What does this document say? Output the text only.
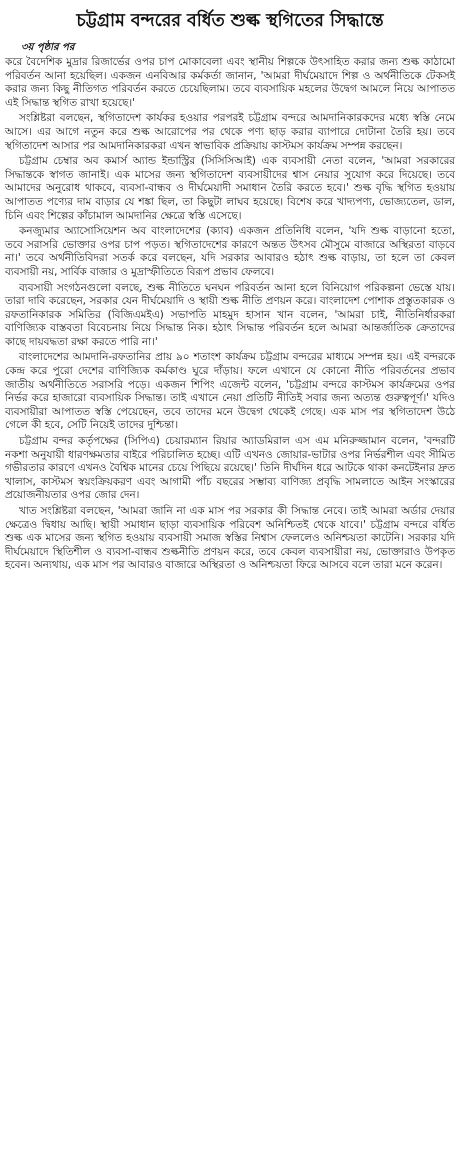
চট্টগ্রাম বন্দরের বর্ধিত শুল্ক স্থগিতের সিদ্ধান্তে

৩য় পৃষ্ঠার পর

করে বৈদেশিক মুদ্রার রিজার্ভের ওপর চাপ মোকাবেলা এবং স্থানীয় শিল্পকে উৎসাহিত করার জন্য শুল্ক কাঠামো পরিবর্তন আনা হয়েছিল। একজন এনবিআর কর্মকর্তা জানান, 'আমরা দীর্ঘমেয়াদে শিল্প ও অর্থনীতিকে টেকসই করার জন্য কিছু নীতিগত পরিবর্তন করতে চেয়েছিলাম। তবে ব্যবসায়িক মহলের উদ্বেগ আমলে নিয়ে আপাতত এই সিদ্ধান্ত স্থগিত রাখা হয়েছে।'

সংশ্লিষ্টরা বলছেন, স্থগিতাদেশ কার্যকর হওয়ার পরপরই চট্টগ্রাম বন্দরে আমদানিকারকদের মধ্যে স্বস্তি নেমে আসে। এর আগে নতুন করে শুল্ক আরোপের পর থেকে পণ্য ছাড় করার ব্যাপারে দোটানা তৈরি হয়। তবে স্থগিতাদেশ আসার পর আমদানিকারকরা এখন স্বাভাবিক প্রক্রিয়ায় কাস্টমস কার্যক্রম সম্পন্ন করছেন।

চট্টগ্রাম চেম্বার অব কমার্স অ্যান্ড ইন্ডাস্ট্রির (সিসিসিআই) এক ব্যবসায়ী নেতা বলেন, 'আমরা সরকারের সিদ্ধান্তকে স্বাগত জানাই। এক মাসের জন্য স্থগিতাদেশ ব্যবসায়ীদের শ্বাস নেয়ার সুযোগ করে দিয়েছে। তবে আমাদের অনুরোধ থাকবে, ব্যবসা-বান্ধব ও দীর্ঘমেয়াদী সমাধান তৈরি করতে হবে।' শুল্ক বৃদ্ধি স্থগিত হওয়ায় আপাতত পণ্যের দাম বাড়ার যে শঙ্কা ছিল, তা কিছুটা লাঘব হয়েছে। বিশেষ করে খাদ্যপণ্য, ভোজ্যতেল, ডাল, চিনি এবং শিল্পের কাঁচামাল আমদানির ক্ষেত্রে স্বস্তি এসেছে।

কনজ্যুমার অ্যাসোসিয়েশন অব বাংলাদেশের (ক্যাব) একজন প্রতিনিধি বলেন, 'যদি শুল্ক বাড়ানো হতো, তবে সরাসরি ভোক্তার ওপর চাপ পড়ত। স্থগিতাদেশের কারণে অন্তত উৎসব মৌসুমে বাজারে অস্থিরতা বাড়বে না।' তবে অর্থনীতিবিদরা সতর্ক করে বলছেন, যদি সরকার আবারও হঠাৎ শুল্ক বাড়ায়, তা হলে তা কেবল ব্যবসায়ী নয়, সার্বিক বাজার ও মুদ্রাস্ফীতিতে বিরূপ প্রভাব ফেলবে।

ব্যবসায়ী সংগঠনগুলো বলছে, শুল্ক নীতিতে ঘনঘন পরিবর্তন আনা হলে বিনিয়োগ পরিকল্পনা ভেস্তে যায়। তারা দাবি করেছেন, সরকার যেন দীর্ঘমেয়াদি ও স্থায়ী শুল্ক নীতি প্রণয়ন করে। বাংলাদেশ পোশাক প্রস্তুতকারক ও রফতানিকারক সমিতির (বিজিএমইএ) সভাপতি মাহমুদ হাসান খান বলেন, 'আমরা চাই, নীতিনির্ধারকরা বাণিজ্যিক বাস্তবতা বিবেচনায় নিয়ে সিদ্ধান্ত নিক। হঠাৎ সিদ্ধান্ত পরিবর্তন হলে আমরা আন্তর্জাতিক ক্রেতাদের কাছে দায়বদ্ধতা রক্ষা করতে পারি না।'

বাংলাদেশের আমদানি-রফতানির প্রায় ৯০ শতাংশ কার্যক্রম চট্টগ্রাম বন্দরের মাধ্যমে সম্পন্ন হয়। এই বন্দরকে কেন্দ্র করে পুরো দেশের বাণিজ্যিক কর্মকাণ্ড ঘুরে দাঁড়ায়। ফলে এখানে যে কোনো নীতি পরিবর্তনের প্রভাব জাতীয় অর্থনীতিতে সরাসরি পড়ে। একজন শিপিং এজেন্ট বলেন, 'চট্টগ্রাম বন্দরে কাস্টমস কার্যক্রমের ওপর নির্ভর করে হাজারো ব্যবসায়িক সিদ্ধান্ত। তাই এখানে নেয়া প্রতিটি নীতিই সবার জন্য অত্যন্ত গুরুত্বপূর্ণ।' যদিও ব্যবসায়ীরা আপাতত স্বস্তি পেয়েছেন, তবে তাদের মনে উদ্বেগ থেকেই গেছে। এক মাস পর স্থগিতাদেশ উঠে গেলে কী হবে, সেটি নিয়েই তাদের দুশ্চিন্তা।

চট্টগ্রাম বন্দর কর্তৃপক্ষের (সিপিএ) চেয়ারম্যান রিয়ার অ্যাডমিরাল এস এম মনিরুজ্জামান বলেন, 'বন্দরটি নকশা অনুযায়ী ধারণক্ষমতার বাইরে পরিচালিত হচ্ছে। এটি এখনও জোয়ার-ভাটার ওপর নির্ভরশীল এবং সীমিত গভীরতার কারণে এখনও বৈশ্বিক মানের চেয়ে পিছিয়ে রয়েছে।' তিনি দীর্ঘদিন ধরে আটকে থাকা কনটেইনার দ্রুত খালাস, কাস্টমস স্বয়ংক্রিয়করণ এবং আগামী পাঁচ বছরের সম্ভাব্য বাণিজ্য প্রবৃদ্ধি সামলাতে আইন সংস্কারের প্রয়োজনীয়তার ওপর জোর দেন।

খাত সংশ্লিষ্টরা বলছেন, 'আমরা জানি না এক মাস পর সরকার কী সিদ্ধান্ত নেবে। তাই আমরা অর্ডার দেয়ার ক্ষেত্রেও দ্বিধায় আছি। স্থায়ী সমাধান ছাড়া ব্যবসায়িক পরিবেশ অনিশ্চিতই থেকে যাবে।' চট্টগ্রাম বন্দরে বর্ধিত শুল্ক এক মাসের জন্য স্থগিত হওয়ায় ব্যবসায়ী সমাজ স্বস্তির নিশ্বাস ফেললেও অনিশ্চয়তা কাটেনি। সরকার যদি দীর্ঘমেয়াদে স্থিতিশীল ও ব্যবসা-বান্ধব শুল্কনীতি প্রণয়ন করে, তবে কেবল ব্যবসায়ীরা নয়, ভোক্তারাও উপকৃত হবেন। অন্যথায়, এক মাস পর আবারও বাজারে অস্থিরতা ও অনিশ্চয়তা ফিরে আসবে বলে তারা মনে করেন।
